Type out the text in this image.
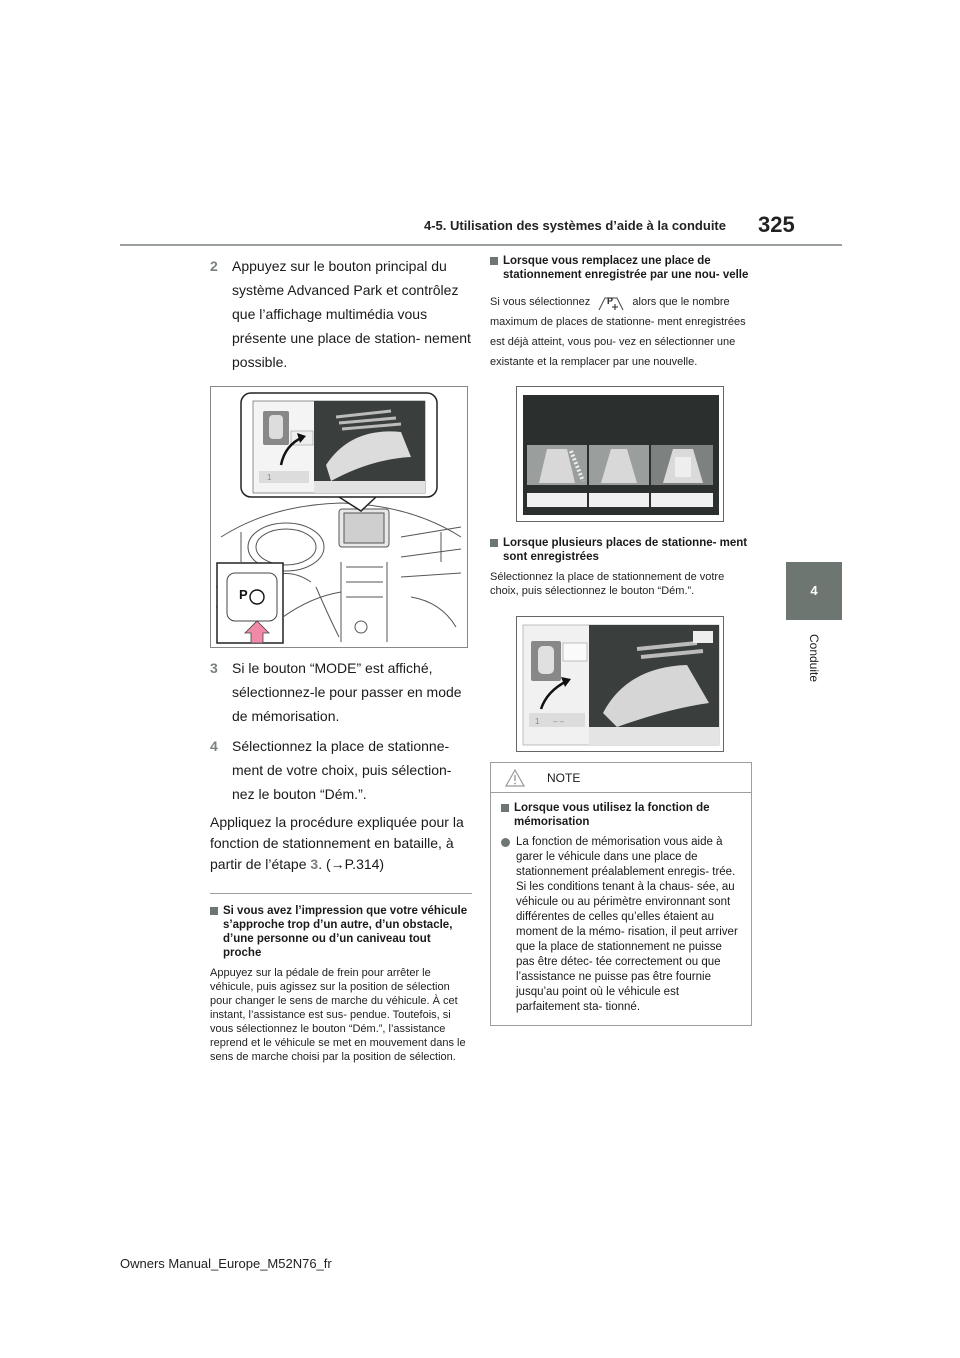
4-5. Utilisation des systèmes d’aide à la conduite 325
4
Conduite
2	Appuyez sur le bouton principal du système Advanced Park et contrôlez que l’affichage multimédia vous présente une place de station- nement possible.
1
P
3	Si le bouton “MODE” est affiché, sélectionnez-le pour passer en mode de mémorisation.
4	Sélectionnez la place de stationne- ment de votre choix, puis sélection- nez le bouton “Dém.”.

Appliquez la procédure expliquée pour la fonction de stationnement en bataille, à partir de l’étape 3. (→P.314)

Si vous avez l’impression que votre véhicule s’approche trop d’un autre, d’un obstacle, d’une personne ou d’un caniveau tout proche

Appuyez sur la pédale de frein pour arrêter le véhicule, puis agissez sur la position de sélection pour changer le sens de marche du véhicule. À cet instant, l’assistance est sus- pendue. Toutefois, si vous sélectionnez le bouton “Dém.”, l’assistance reprend et le véhicule se met en mouvement dans le sens de marche choisi par la position de sélection.

Lorsque vous remplacez une place de stationnement enregistrée par une nou- velle

Si vous sélectionnez P alors que le nombre maximum de places de stationne- ment enregistrées est déjà atteint, vous pou- vez en sélectionner une existante et la remplacer par une nouvelle.

Lorsque plusieurs places de stationne- ment sont enregistrées

Sélectionnez la place de stationnement de votre choix, puis sélectionnez le bouton “Dém.”.

1 – –
NOTE
Lorsque vous utilisez la fonction de mémorisation
La fonction de mémorisation vous aide à garer le véhicule dans une place de stationnement préalablement enregis- trée. Si les conditions tenant à la chaus- sée, au véhicule ou au périmètre environnant sont différentes de celles qu’elles étaient au moment de la mémo- risation, il peut arriver que la place de stationnement ne puisse pas être détec- tée correctement ou que l’assistance ne puisse pas être fournie jusqu’au point où le véhicule est parfaitement sta- tionné.
Owners Manual_Europe_M52N76_fr
